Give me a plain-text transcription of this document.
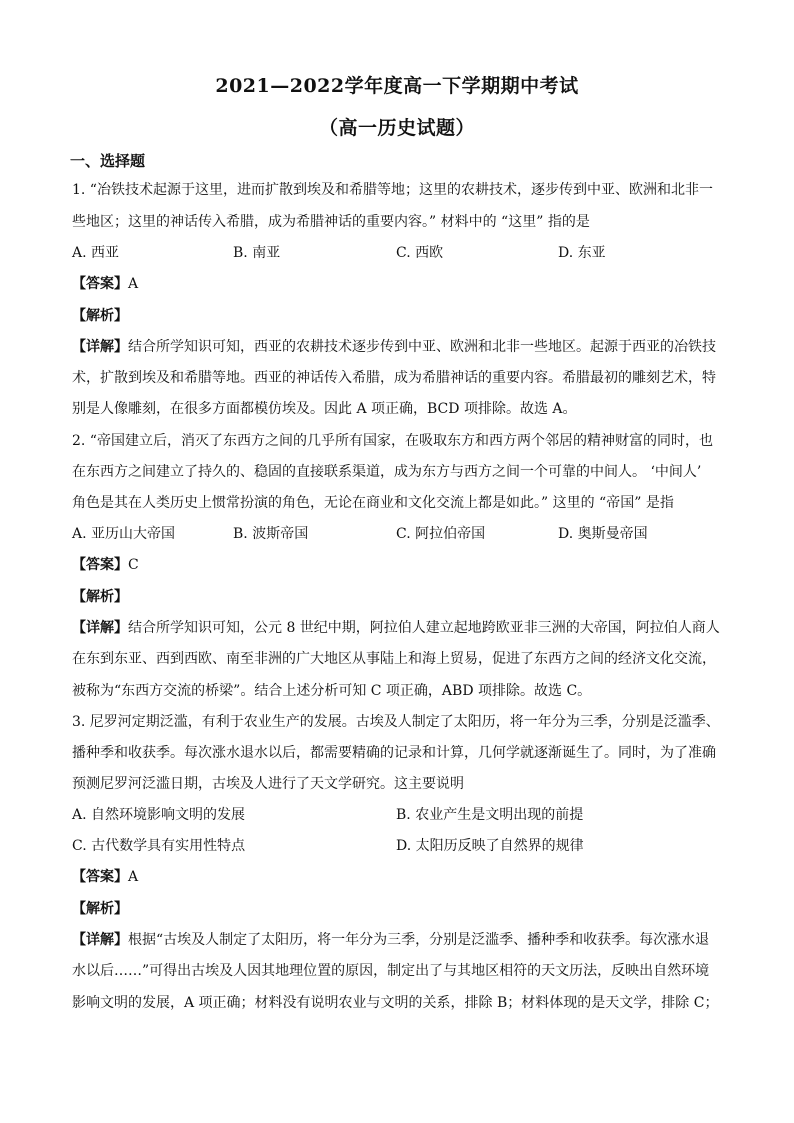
2021—2022学年度高一下学期期中考试
（高一历史试题）
一、选择题
1. “冶铁技术起源于这里，进而扩散到埃及和希腊等地；这里的农耕技术，逐步传到中亚、欧洲和北非一
些地区；这里的神话传入希腊，成为希腊神话的重要内容。” 材料中的 “这里” 指的是
A. 西亚	B. 南亚	C. 西欧	D. 东亚
【答案】A
【解析】
【详解】结合所学知识可知，西亚的农耕技术逐步传到中亚、欧洲和北非一些地区。起源于西亚的冶铁技
术，扩散到埃及和希腊等地。西亚的神话传入希腊，成为希腊神话的重要内容。希腊最初的雕刻艺术，特
别是人像雕刻，在很多方面都模仿埃及。因此 A 项正确，BCD 项排除。故选 A。
2. “帝国建立后，消灭了东西方之间的几乎所有国家，在吸取东方和西方两个邻居的精神财富的同时，也
在东西方之间建立了持久的、稳固的直接联系渠道，成为东方与西方之间一个可靠的中间人。 ‘中间人’
角色是其在人类历史上惯常扮演的角色，无论在商业和文化交流上都是如此。” 这里的 “帝国” 是指
A. 亚历山大帝国	B. 波斯帝国	C. 阿拉伯帝国	D. 奥斯曼帝国
【答案】C
【解析】
【详解】结合所学知识可知，公元 8 世纪中期，阿拉伯人建立起地跨欧亚非三洲的大帝国，阿拉伯人商人
在东到东亚、西到西欧、南至非洲的广大地区从事陆上和海上贸易，促进了东西方之间的经济文化交流，
被称为“东西方交流的桥梁”。结合上述分析可知 C 项正确，ABD 项排除。故选 C。
3. 尼罗河定期泛滥，有利于农业生产的发展。古埃及人制定了太阳历，将一年分为三季，分别是泛滥季、
播种季和收获季。每次涨水退水以后，都需要精确的记录和计算，几何学就逐渐诞生了。同时，为了准确
预测尼罗河泛滥日期，古埃及人进行了天文学研究。这主要说明
A. 自然环境影响文明的发展	B. 农业产生是文明出现的前提
C. 古代数学具有实用性特点	D. 太阳历反映了自然界的规律
【答案】A
【解析】
【详解】根据“古埃及人制定了太阳历，将一年分为三季，分别是泛滥季、播种季和收获季。每次涨水退
水以后……”可得出古埃及人因其地理位置的原因，制定出了与其地区相符的天文历法，反映出自然环境
影响文明的发展，A 项正确；材料没有说明农业与文明的关系，排除 B；材料体现的是天文学，排除 C；
